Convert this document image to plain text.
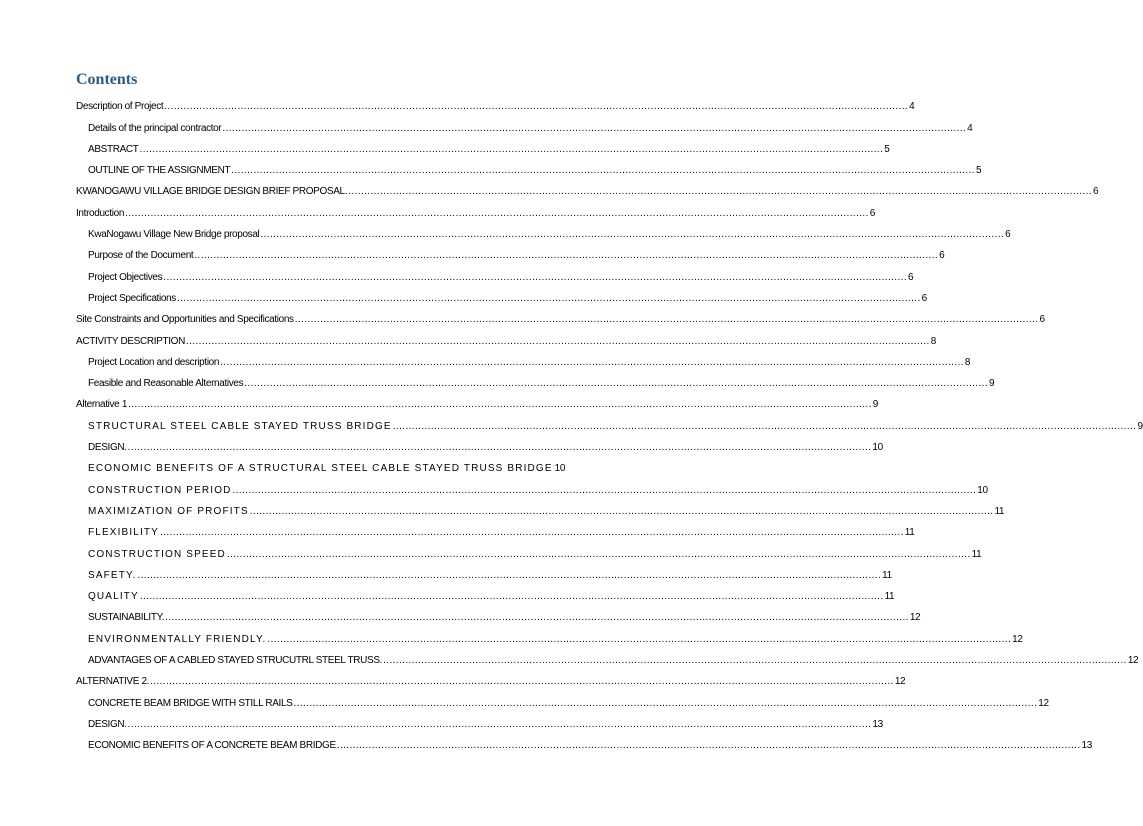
Contents
Description of Project .....	4
Details of the principal contractor .....	4
ABSTRACT .....	5
OUTLINE OF THE ASSIGNMENT .....	5
KWANOGAWU VILLAGE BRIDGE DESIGN BRIEF PROPOSAL. .....	6
Introduction .....	6
KwaNogawu Village New Bridge proposal .....	6
Purpose of the Document .....	6
Project Objectives .....	6
Project Specifications .....	6
Site Constraints and Opportunities and Specifications .....	6
ACTIVITY DESCRIPTION .....	8
Project Location and description .....	8
Feasible and Reasonable Alternatives .....	9
Alternative 1 .....	9
STRUCTURAL STEEL CABLE STAYED TRUSS BRIDGE .....	9
DESIGN. .....	10
ECONOMIC BENEFITS OF A STRUCTURAL STEEL CABLE STAYED TRUSS BRIDGE 10
CONSTRUCTION PERIOD .....	10
MAXIMIZATION OF PROFITS .....	11
FLEXIBILITY .....	11
CONSTRUCTION SPEED .....	11
SAFETY. .....	11
QUALITY .....	11
SUSTAINABILITY. .....	12
ENVIRONMENTALLY FRIENDLY. .....	12
ADVANTAGES OF A CABLED STAYED STRUCUTRL STEEL TRUSS. .....	12
ALTERNATIVE 2. .....	12
CONCRETE BEAM BRIDGE WITH STILL RAILS .....	12
DESIGN. .....	13
ECONOMIC BENEFITS OF A CONCRETE BEAM BRIDGE .....	13
